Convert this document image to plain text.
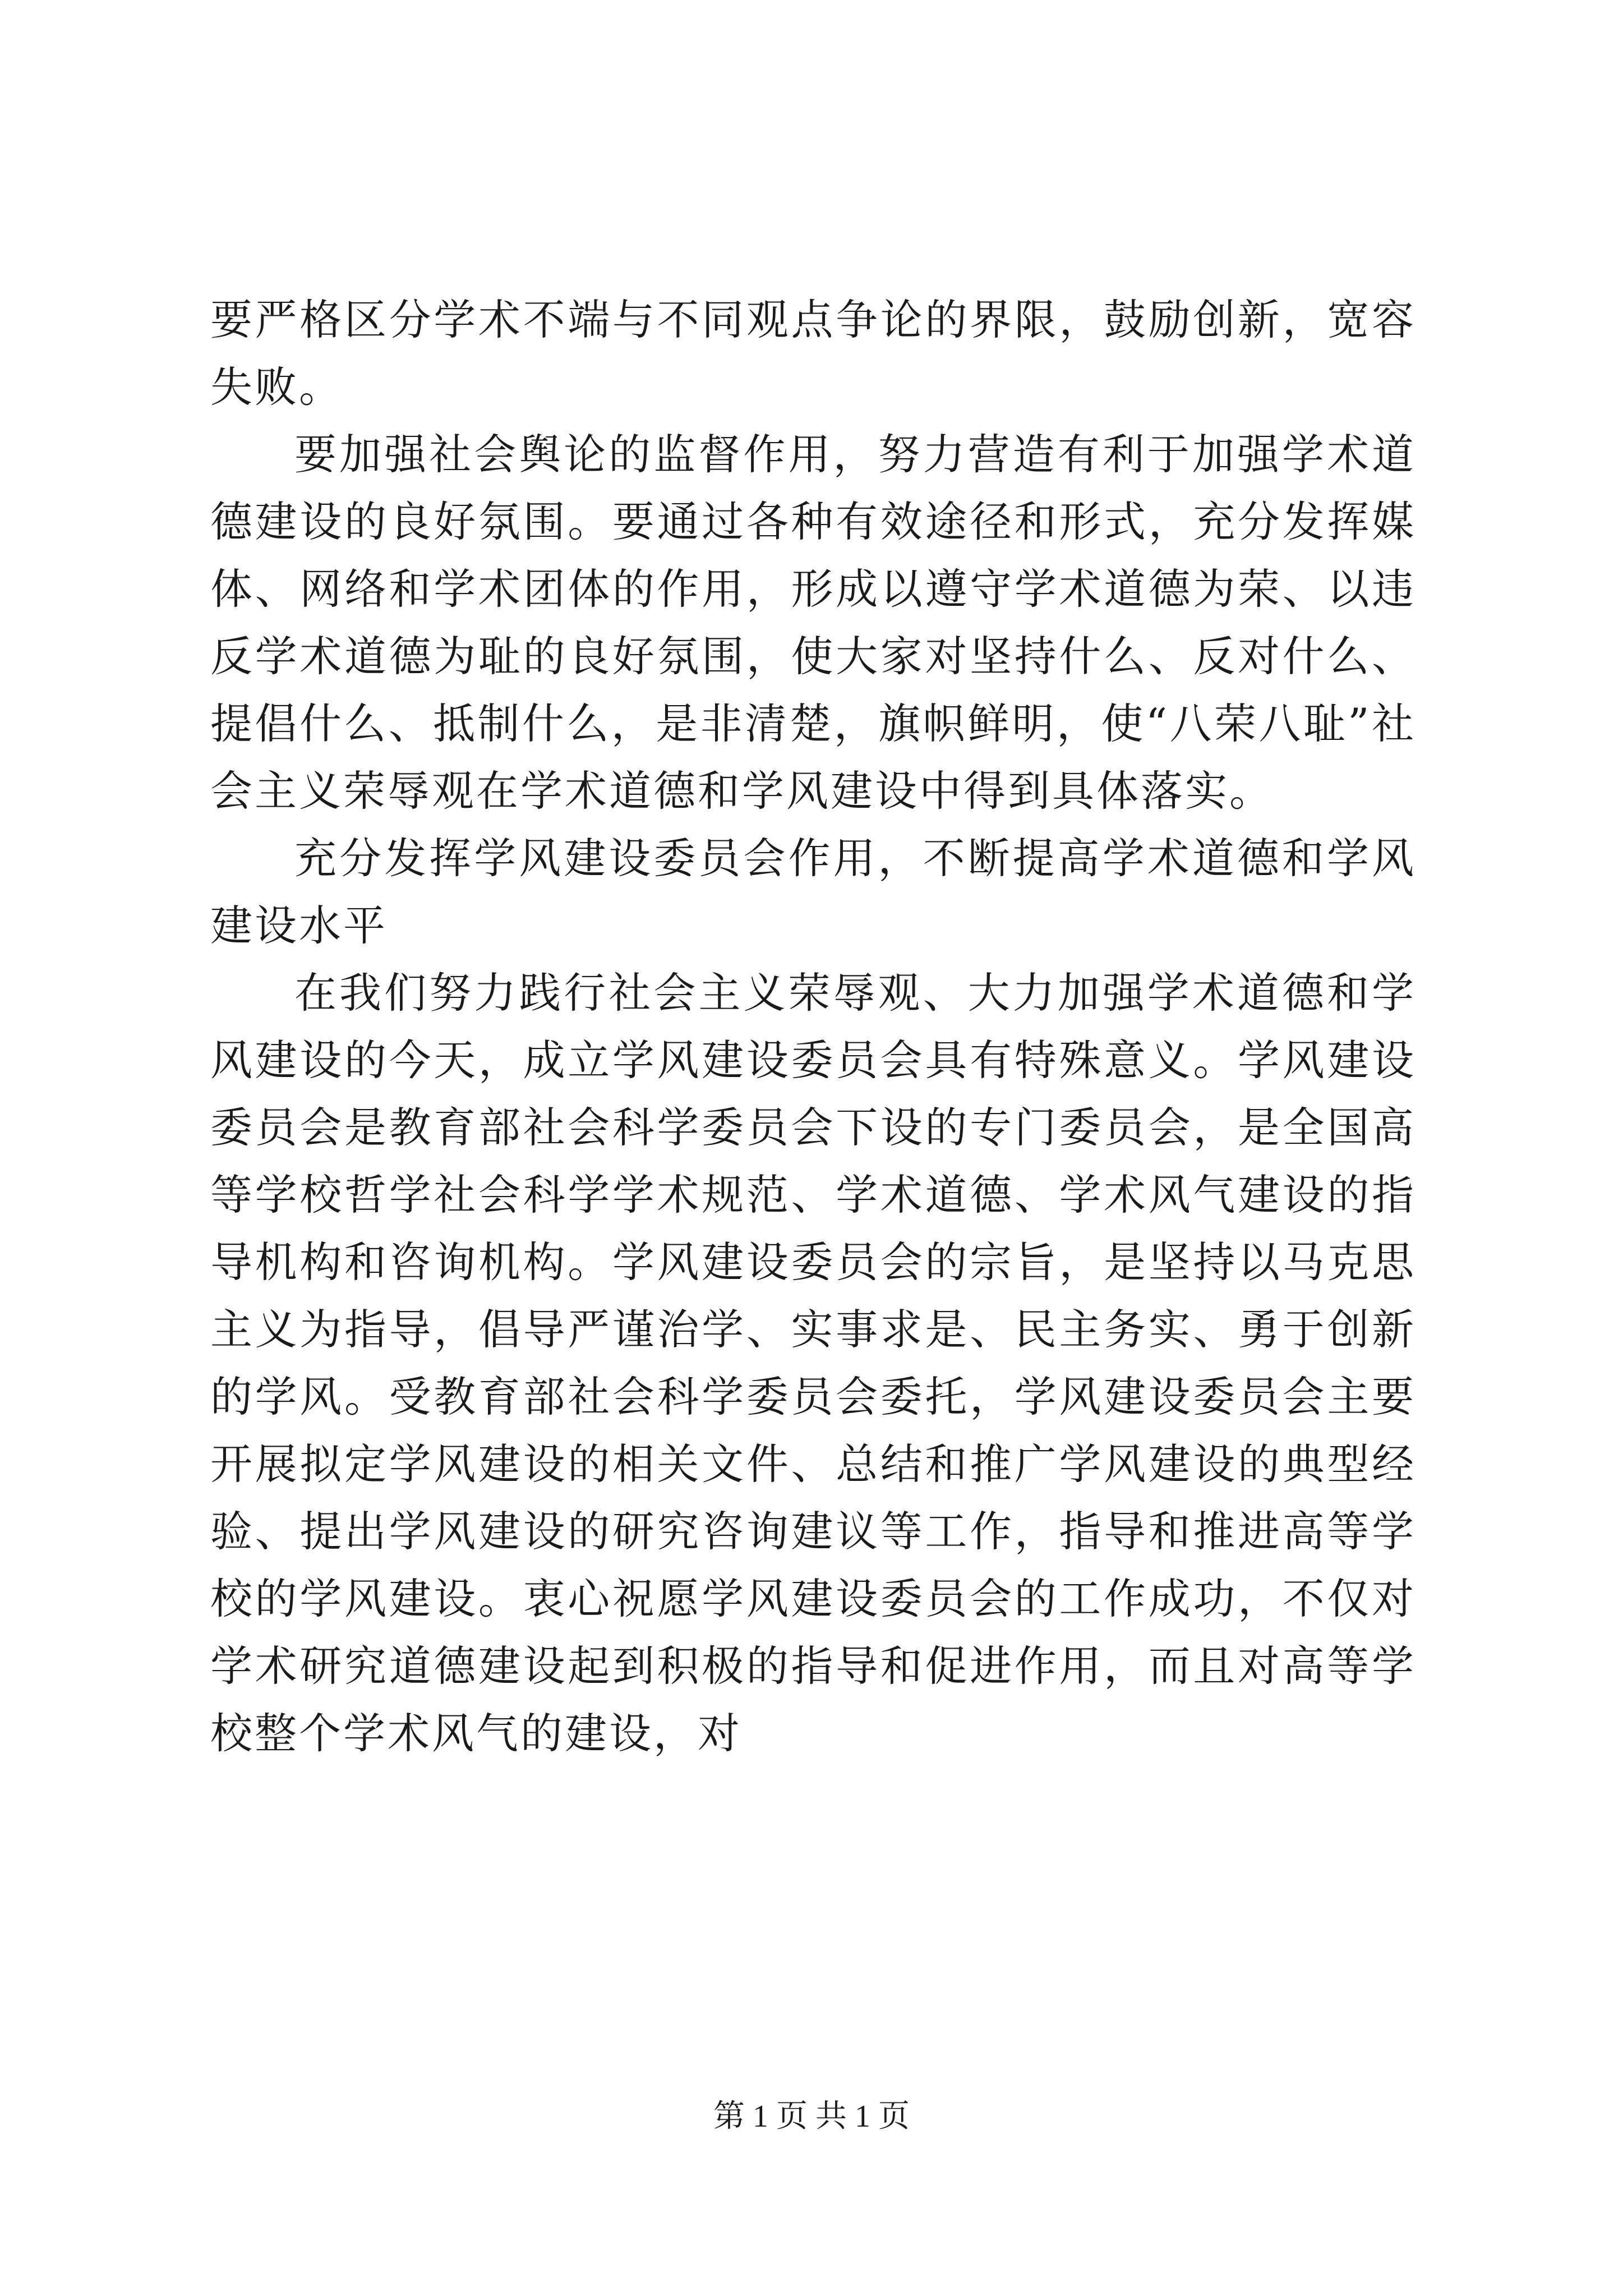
要严格区分学术不端与不同观点争论的界限，鼓励创新，宽容失败。

要加强社会舆论的监督作用，努力营造有利于加强学术道德建设的良好氛围。要通过各种有效途径和形式，充分发挥媒体、网络和学术团体的作用，形成以遵守学术道德为荣、以违反学术道德为耻的良好氛围，使大家对坚持什么、反对什么、提倡什么、抵制什么，是非清楚，旗帜鲜明，使“八荣八耻”社会主义荣辱观在学术道德和学风建设中得到具体落实。

充分发挥学风建设委员会作用，不断提高学术道德和学风建设水平

在我们努力践行社会主义荣辱观、大力加强学术道德和学风建设的今天，成立学风建设委员会具有特殊意义。学风建设委员会是教育部社会科学委员会下设的专门委员会，是全国高等学校哲学社会科学学术规范、学术道德、学术风气建设的指导机构和咨询机构。学风建设委员会的宗旨，是坚持以马克思主义为指导，倡导严谨治学、实事求是、民主务实、勇于创新的学风。受教育部社会科学委员会委托，学风建设委员会主要开展拟定学风建设的相关文件、总结和推广学风建设的典型经验、提出学风建设的研究咨询建议等工作，指导和推进高等学校的学风建设。衷心祝愿学风建设委员会的工作成功，不仅对学术研究道德建设起到积极的指导和促进作用，而且对高等学校整个学术风气的建设，对

第 1 页 共 1 页
